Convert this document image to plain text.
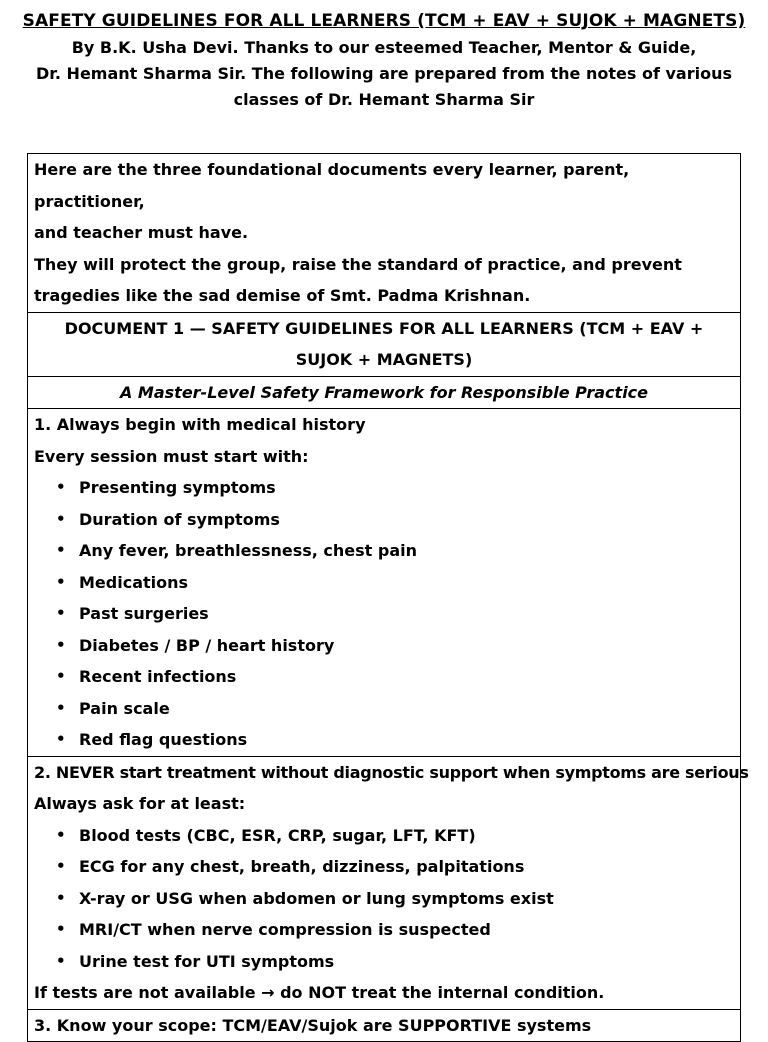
SAFETY GUIDELINES FOR ALL LEARNERS (TCM + EAV + SUJOK + MAGNETS)
By B.K. Usha Devi. Thanks to our esteemed Teacher, Mentor & Guide,
Dr. Hemant Sharma Sir. The following are prepared from the notes of various
classes of Dr. Hemant Sharma Sir
Here are the three foundational documents every learner, parent, practitioner,
and teacher must have.
They will protect the group, raise the standard of practice, and prevent
tragedies like the sad demise of Smt. Padma Krishnan.

DOCUMENT 1 — SAFETY GUIDELINES FOR ALL LEARNERS (TCM + EAV +
SUJOK + MAGNETS)

A Master-Level Safety Framework for Responsible Practice

1. Always begin with medical history
Every session must start with:
• Presenting symptoms
• Duration of symptoms
• Any fever, breathlessness, chest pain
• Medications
• Past surgeries
• Diabetes / BP / heart history
• Recent infections
• Pain scale
• Red flag questions

2. NEVER start treatment without diagnostic support when symptoms are serious
Always ask for at least:
• Blood tests (CBC, ESR, CRP, sugar, LFT, KFT)
• ECG for any chest, breath, dizziness, palpitations
• X-ray or USG when abdomen or lung symptoms exist
• MRI/CT when nerve compression is suspected
• Urine test for UTI symptoms
If tests are not available → do NOT treat the internal condition.

3. Know your scope: TCM/EAV/Sujok are SUPPORTIVE systems
